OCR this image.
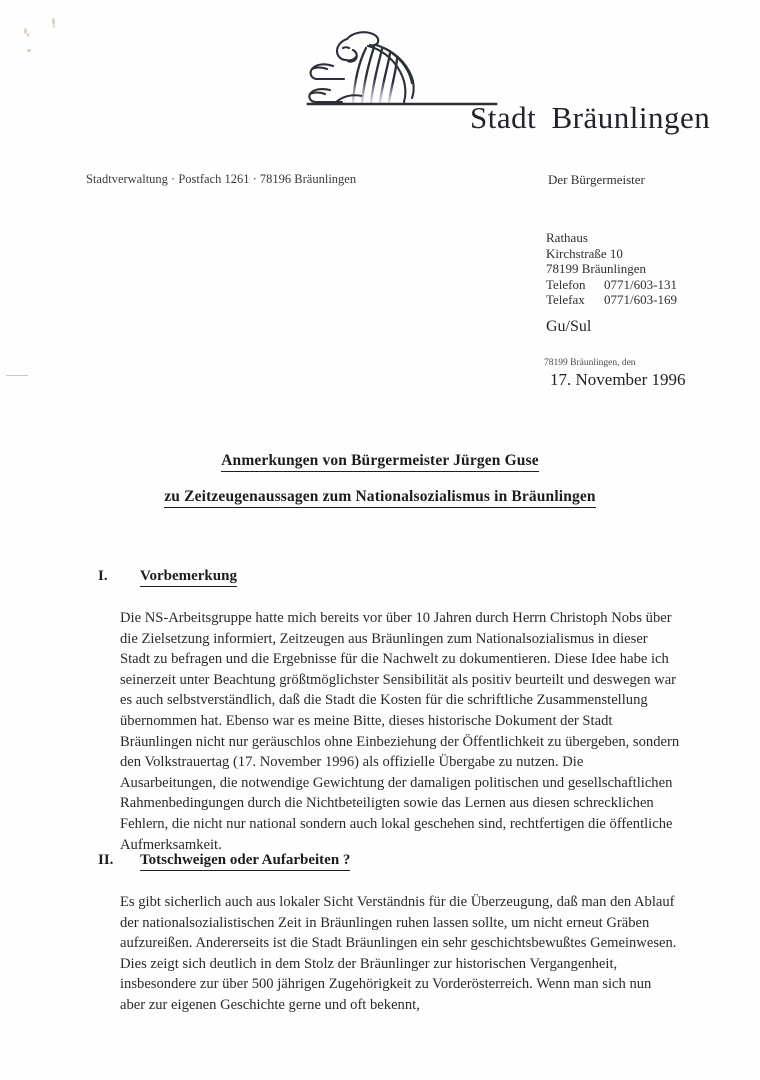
Stadt Bräunlingen
Stadtverwaltung · Postfach 1261 · 78196 Bräunlingen	Der Bürgermeister
Rathaus
Kirchstraße 10
78199 Bräunlingen
Telefon 0771/603-131
Telefax 0771/603-169
Gu/Sul
78199 Bräunlingen, den
17. November 1996
Anmerkungen von Bürgermeister Jürgen Guse
zu Zeitzeugenaussagen zum Nationalsozialismus in Bräunlingen
I. Vorbemerkung
Die NS-Arbeitsgruppe hatte mich bereits vor über 10 Jahren durch Herrn Christoph Nobs über die Zielsetzung informiert, Zeitzeugen aus Bräunlingen zum Nationalsozialismus in dieser Stadt zu befragen und die Ergebnisse für die Nachwelt zu dokumentieren. Diese Idee habe ich seinerzeit unter Beachtung größtmöglichster Sensibilität als positiv beurteilt und deswegen war es auch selbstverständlich, daß die Stadt die Kosten für die schriftliche Zusammenstellung übernommen hat. Ebenso war es meine Bitte, dieses historische Dokument der Stadt Bräunlingen nicht nur geräuschlos ohne Einbeziehung der Öffentlichkeit zu übergeben, sondern den Volkstrauertag (17. November 1996) als offizielle Übergabe zu nutzen. Die Ausarbeitungen, die notwendige Gewichtung der damaligen politischen und gesellschaftlichen Rahmenbedingungen durch die Nichtbeteiligten sowie das Lernen aus diesen schrecklichen Fehlern, die nicht nur national sondern auch lokal geschehen sind, rechtfertigen die öffentliche Aufmerksamkeit.
II. Totschweigen oder Aufarbeiten ?
Es gibt sicherlich auch aus lokaler Sicht Verständnis für die Überzeugung, daß man den Ablauf der nationalsozialistischen Zeit in Bräunlingen ruhen lassen sollte, um nicht erneut Gräben aufzureißen. Andererseits ist die Stadt Bräunlingen ein sehr geschichtsbewußtes Gemeinwesen. Dies zeigt sich deutlich in dem Stolz der Bräunlinger zur historischen Vergangenheit, insbesondere zur über 500 jährigen Zugehörigkeit zu Vorderösterreich. Wenn man sich nun aber zur eigenen Geschichte gerne und oft bekennt,
